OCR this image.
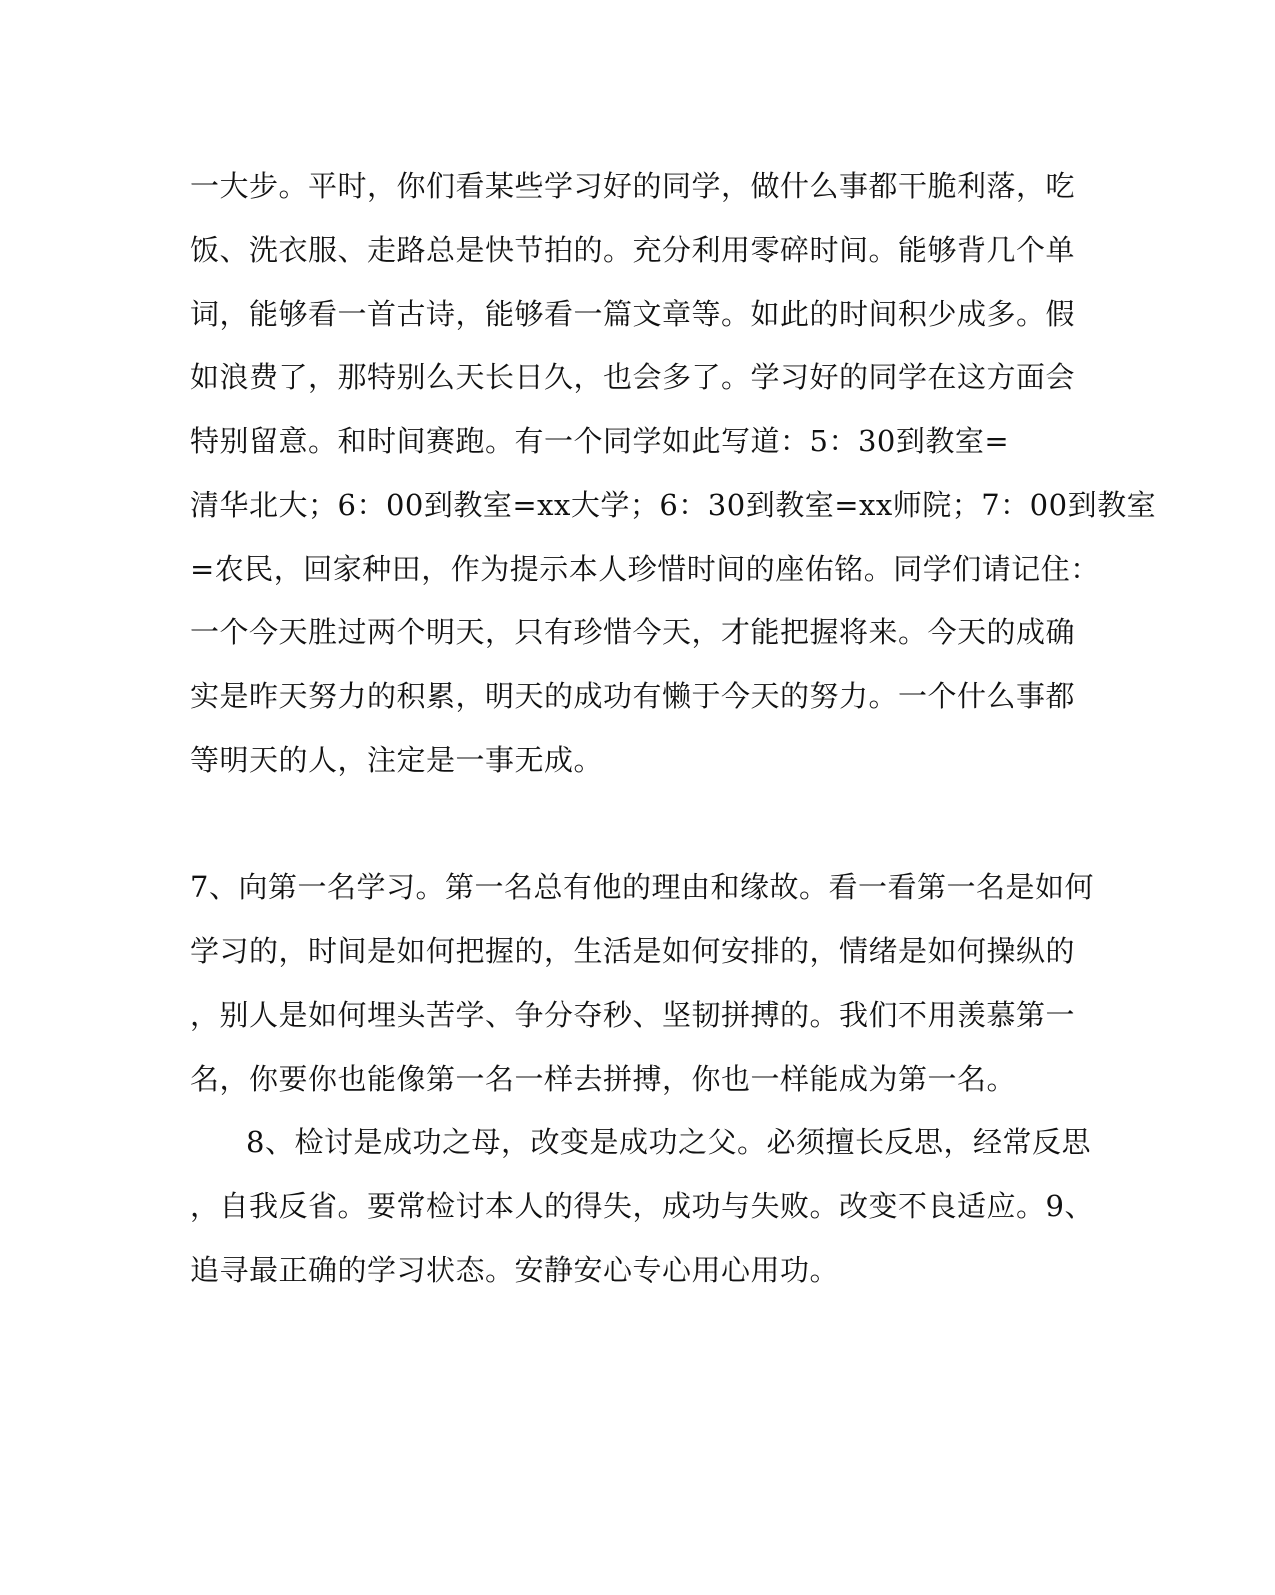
一大步。平时，你们看某些学习好的同学，做什么事都干脆利落，吃
饭、洗衣服、走路总是快节拍的。充分利用零碎时间。能够背几个单
词，能够看一首古诗，能够看一篇文章等。如此的时间积少成多。假
如浪费了，那特别么天长日久，也会多了。学习好的同学在这方面会
特别留意。和时间赛跑。有一个同学如此写道：5：30到教室=
清华北大；6：00到教室=xx大学；6：30到教室=xx师院；7：00到教室
=农民，回家种田，作为提示本人珍惜时间的座佑铭。同学们请记住：
一个今天胜过两个明天，只有珍惜今天，才能把握将来。今天的成确
实是昨天努力的积累，明天的成功有懒于今天的努力。一个什么事都
等明天的人，注定是一事无成。
7、向第一名学习。第一名总有他的理由和缘故。看一看第一名是如何
学习的，时间是如何把握的，生活是如何安排的，情绪是如何操纵的
，别人是如何埋头苦学、争分夺秒、坚韧拼搏的。我们不用羡慕第一
名，你要你也能像第一名一样去拼搏，你也一样能成为第一名。
8、检讨是成功之母，改变是成功之父。必须擅长反思，经常反思
，自我反省。要常检讨本人的得失，成功与失败。改变不良适应。9、
追寻最正确的学习状态。安静安心专心用心用功。
